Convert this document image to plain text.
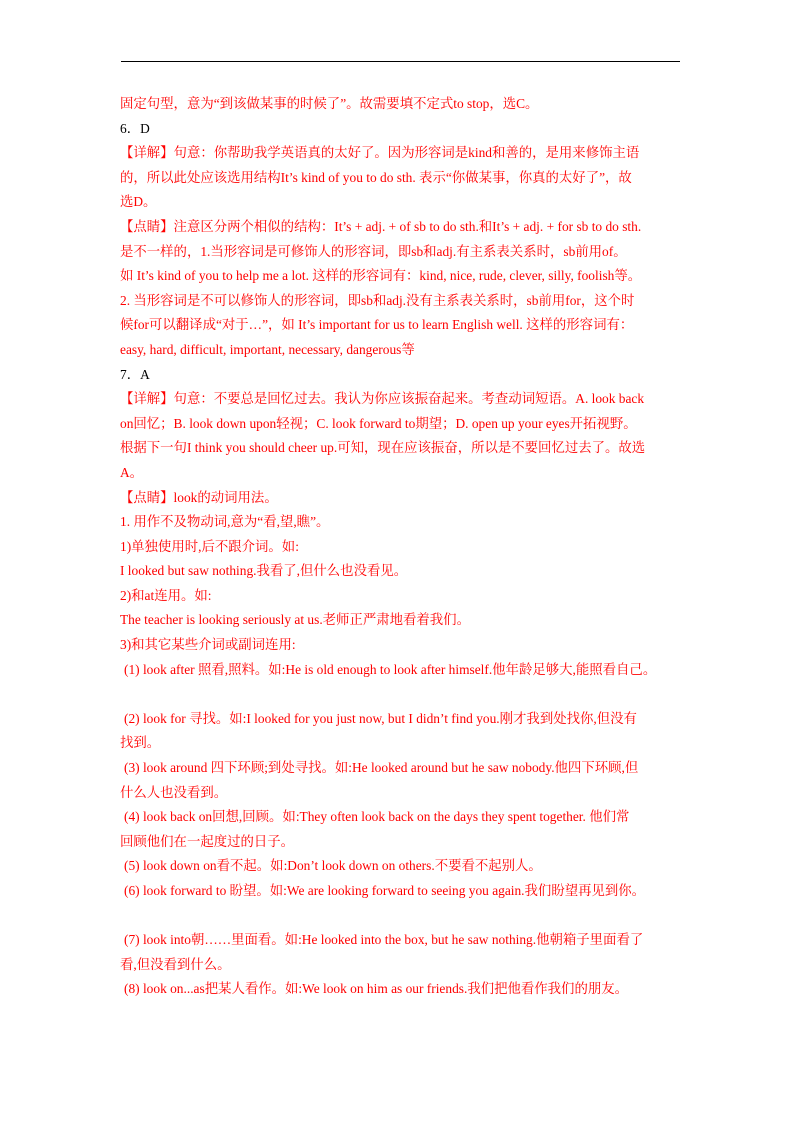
固定句型，意为“到该做某事的时候了”。故需要填不定式to stop，选C。
6．D
【详解】句意：你帮助我学英语真的太好了。因为形容词是kind和善的，是用来修饰主语
的，所以此处应该选用结构It’s kind of you to do sth. 表示“你做某事，你真的太好了”，故
选D。
【点睛】注意区分两个相似的结构：It’s + adj. + of sb to do sth.和It’s + adj. + for sb to do sth.
是不一样的，1.当形容词是可修饰人的形容词，即sb和adj.有主系表关系时，sb前用of。
如 It’s kind of you to help me a lot. 这样的形容词有：kind, nice, rude, clever, silly, foolish等。
2. 当形容词是不可以修饰人的形容词，即sb和adj.没有主系表关系时，sb前用for，这个时
候for可以翻译成“对于…”，如 It’s important for us to learn English well. 这样的形容词有：
easy, hard, difficult, important, necessary, dangerous等
7．A
【详解】句意：不要总是回忆过去。我认为你应该振奋起来。考查动词短语。A. look back
on回忆；B. look down upon轻视；C. look forward to期望；D. open up your eyes开拓视野。
根据下一句I think you should cheer up.可知，现在应该振奋，所以是不要回忆过去了。故选
A。
【点睛】look的动词用法。
1. 用作不及物动词,意为“看,望,瞧”。
1)单独使用时,后不跟介词。如:
I looked but saw nothing.我看了,但什么也没看见。
2)和at连用。如:
The teacher is looking seriously at us.老师正严肃地看着我们。
3)和其它某些介词或副词连用:
(1) look after 照看,照料。如:He is old enough to look after himself.他年龄足够大,能照看自己。
(2) look for 寻找。如:I looked for you just now, but I didn’t find you.刚才我到处找你,但没有
找到。
(3) look around 四下环顾;到处寻找。如:He looked around but he saw nobody.他四下环顾,但
什么人也没看到。
(4) look back on回想,回顾。如:They often look back on the days they spent together. 他们常
回顾他们在一起度过的日子。
(5) look down on看不起。如:Don’t look down on others.不要看不起别人。
(6) look forward to 盼望。如:We are looking forward to seeing you again.我们盼望再见到你。
(7) look into朝……里面看。如:He looked into the box, but he saw nothing.他朝箱子里面看了
看,但没看到什么。
(8) look on...as把某人看作。如:We look on him as our friends.我们把他看作我们的朋友。
